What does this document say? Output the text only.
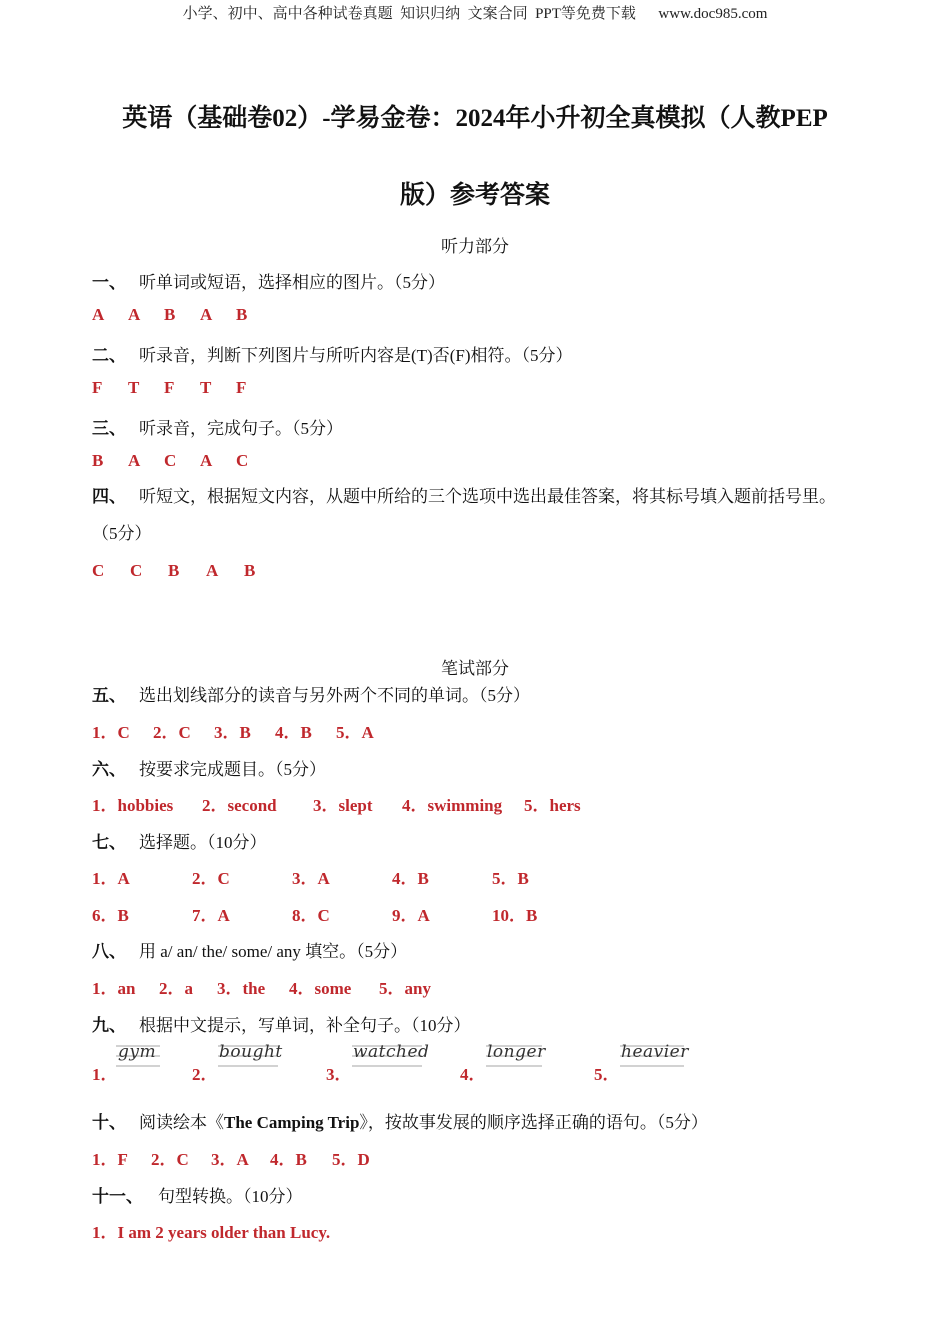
小学、初中、高中各种试卷真题  知识归纳  文案合同  PPT等免费下载      www.doc985.com
英语（基础卷02）-学易金卷：2024年小升初全真模拟（人教PEP
版）参考答案
听力部分
一、 听单词或短语，选择相应的图片。（5分）
A A B A B
二、 听录音，判断下列图片与所听内容是(T)否(F)相符。（5分）
F T F T F
三、 听录音，完成句子。（5分）
B A C A C
四、 听短文，根据短文内容，从题中所给的三个选项中选出最佳答案，将其标号填入题前括号里。（5分）
C C B A B
笔试部分
五、 选出划线部分的读音与另外两个不同的单词。（5分）
1．C 2．C 3．B 4．B 5．A
六、 按要求完成题目。（5分）
1．hobbies 2．second 3．slept 4．swimming 5．hers
七、 选择题。（10分）
1．A	2．C	3．A	4．B	5．B
6．B	7．A	8．C	9．A	10．B
八、 用 a/ an/ the/ some/ any 填空。（5分）
1．an 2．a 3．the 4．some 5．any
九、 根据中文提示，写单词，补全句子。（10分）
1．
gym
2．
bought
3．
watched
4．
longer
5．
heavier
十、 阅读绘本《The Camping Trip》，按故事发展的顺序选择正确的语句。（5分）
1．F 2．C 3．A 4．B 5．D
十一、 句型转换。（10分）
1．I am 2 years older than Lucy.
